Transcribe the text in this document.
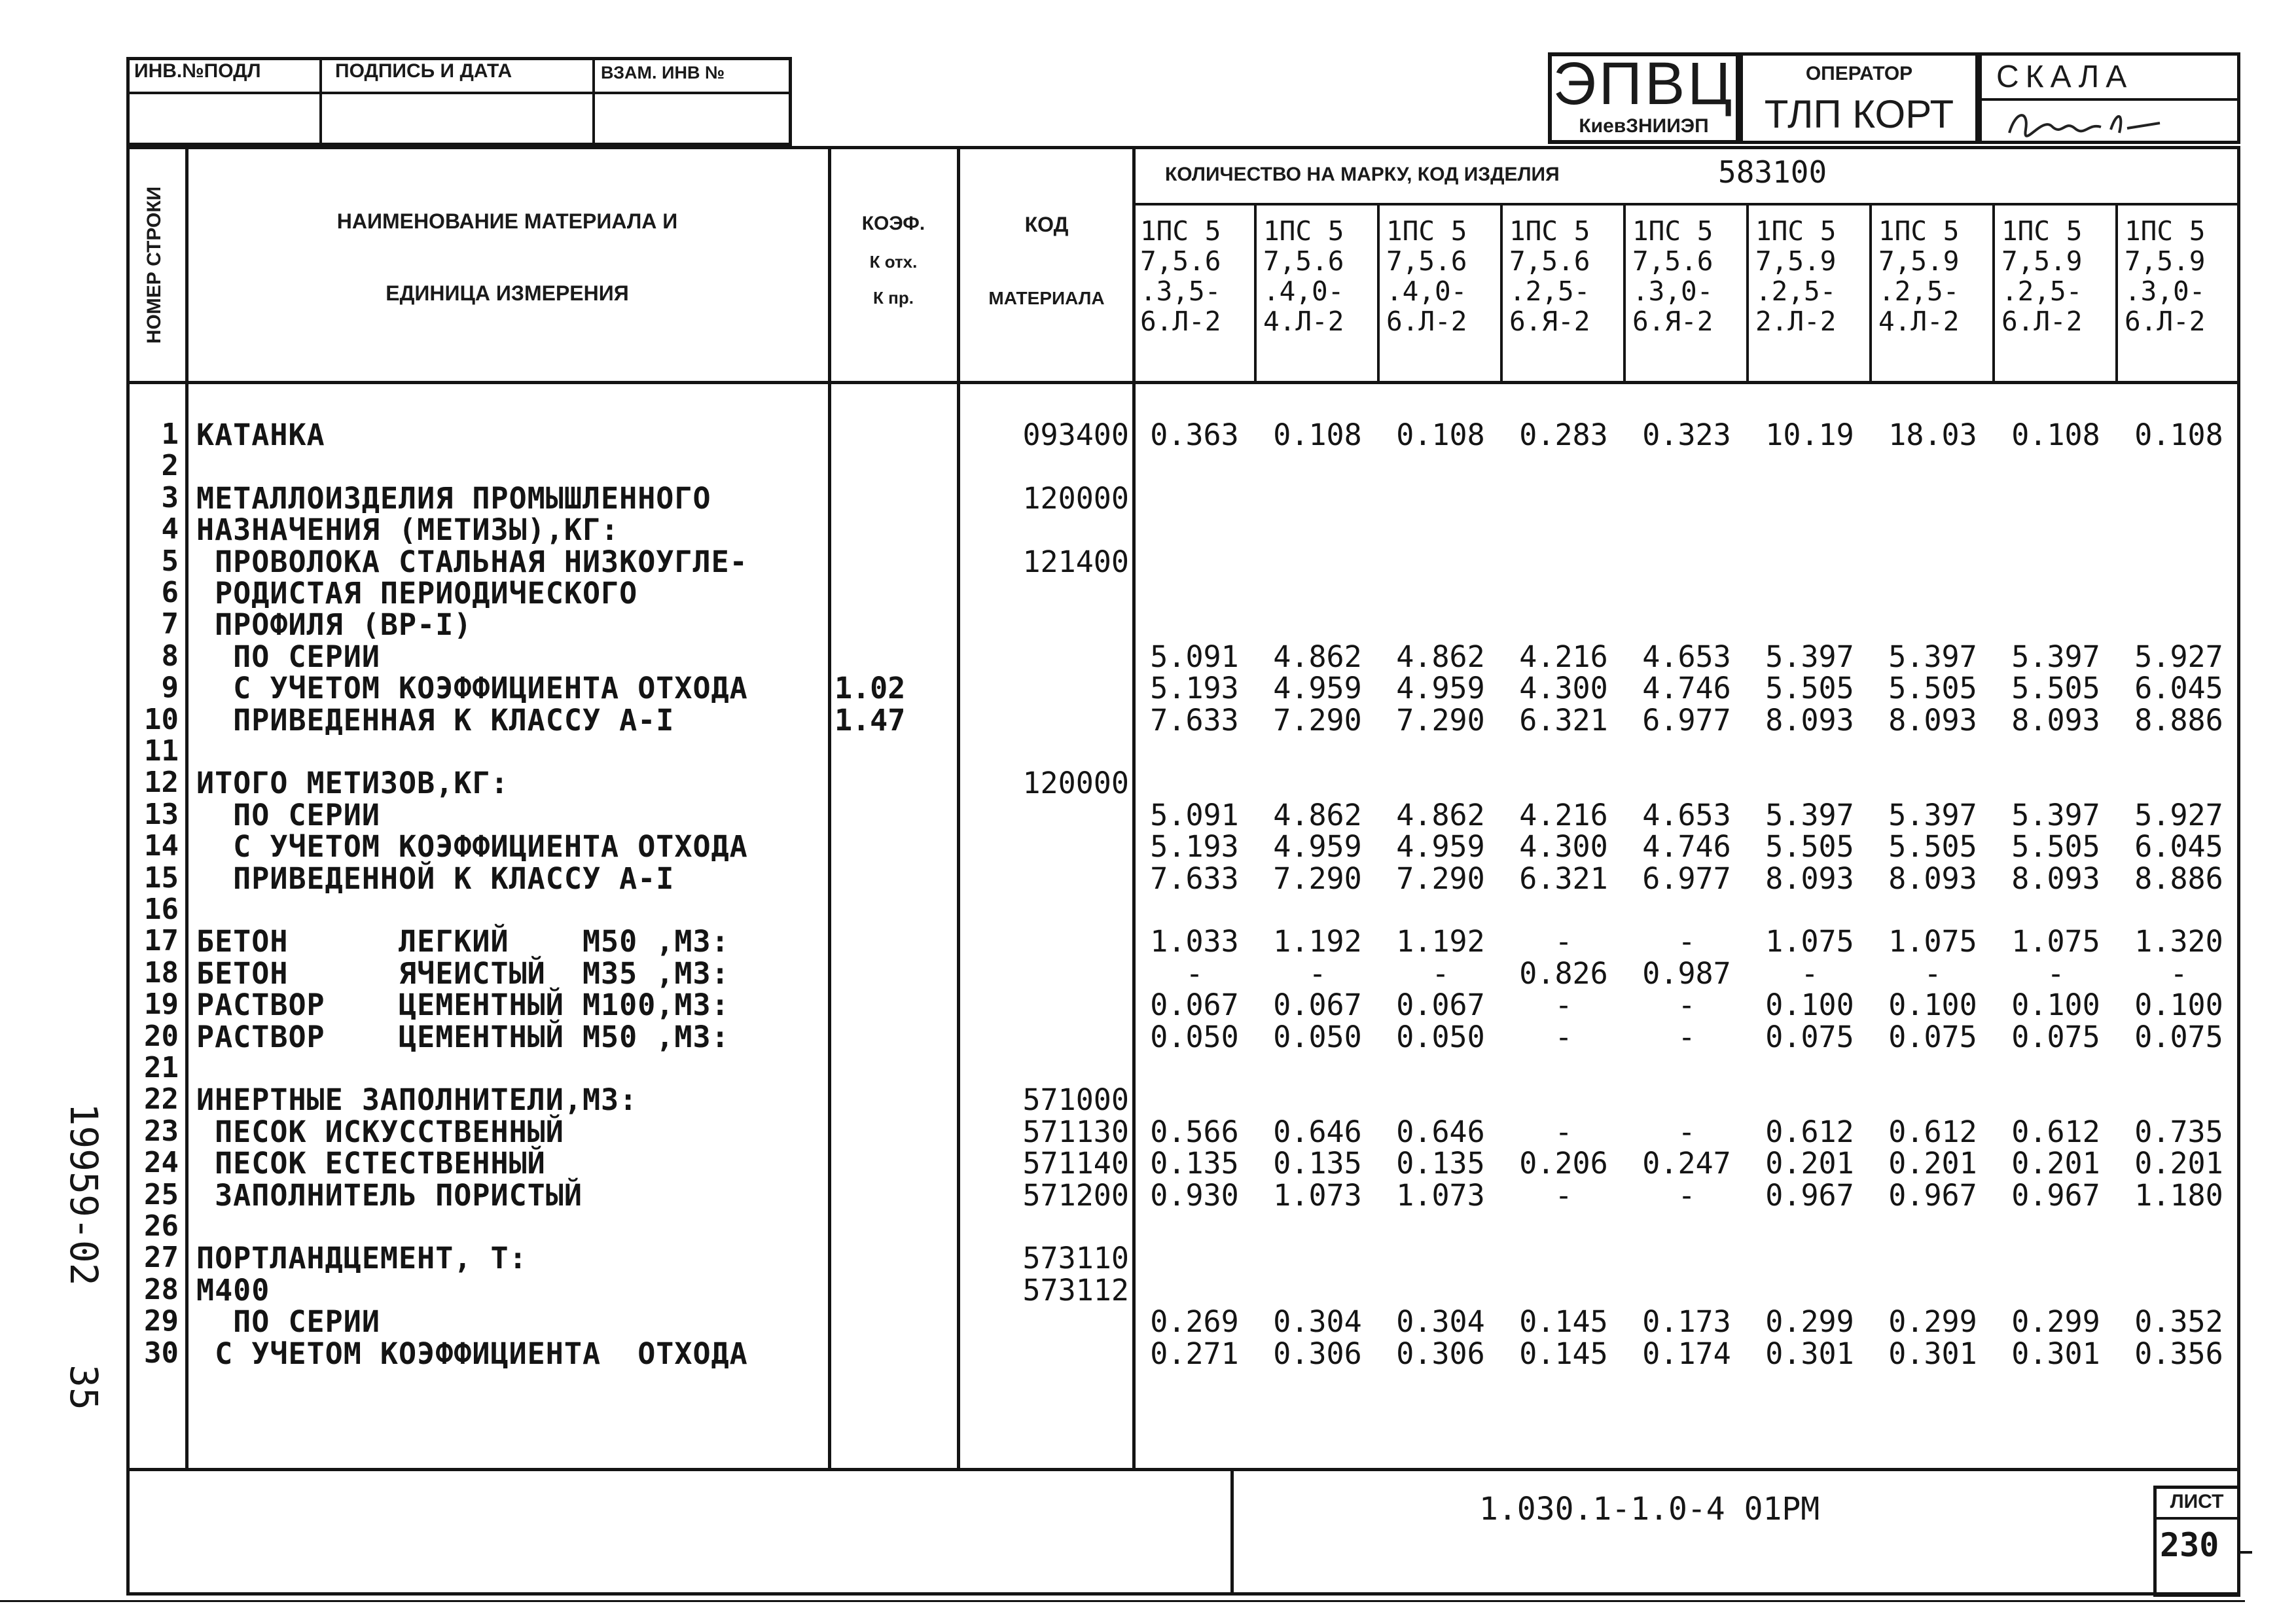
ИНВ.№ПОДЛ	ПОДПИСЬ И ДАТА	ВЗАМ. ИНВ №	ЭПВЦ
КиевЗНИИЭП
ОПЕРАТОР
ТЛП КОРТ
СКАЛА
НОМЕР СТРОКИ	НАИМЕНОВАНИЕ МАТЕРИАЛА И
ЕДИНИЦА ИЗМЕРЕНИЯ
КОЭФ.
К отх.
К пр.
КОД
МАТЕРИАЛА
КОЛИЧЕСТВО НА МАРКУ, КОД ИЗДЕЛИЯ	583100
1ПС 5
7,5.6
.3,5-
6.Л-2
1ПС 5
7,5.6
.4,0-
4.Л-2
1ПС 5
7,5.6
.4,0-
6.Л-2
1ПС 5
7,5.6
.2,5-
6.Я-2
1ПС 5
7,5.6
.3,0-
6.Я-2
1ПС 5
7,5.9
.2,5-
2.Л-2
1ПС 5
7,5.9
.2,5-
4.Л-2
1ПС 5
7,5.9
.2,5-
6.Л-2
1ПС 5
7,5.9
.3,0-
6.Л-2
1 КАТАНКА	093400 0.363	0.108	0.108	0.283	0.323	10.19	18.03	0.108	0.108
2
3 МЕТАЛЛОИЗДЕЛИЯ ПРОМЫШЛЕННОГО	120000
4 НАЗНАЧЕНИЯ (МЕТИЗЫ),КГ:
5 ПРОВОЛОКА СТАЛЬНАЯ НИЗКОУГЛЕ-	121400
6 РОДИСТАЯ ПЕРИОДИЧЕСКОГО
7 ПРОФИЛЯ (ВР-I)
8 ПО СЕРИИ	5.091	4.862	4.862	4.216	4.653	5.397	5.397	5.397	5.927
9 С УЧЕТОМ КОЭФФИЦИЕНТА ОТХОДА	1.02	5.193	4.959	4.959	4.300	4.746	5.505	5.505	5.505	6.045
10 ПРИВЕДЕННАЯ К КЛАССУ А-I	1.47	7.633	7.290	7.290	6.321	6.977	8.093	8.093	8.093	8.886
11
12 ИТОГО МЕТИЗОВ,КГ:	120000
13 ПО СЕРИИ	5.091	4.862	4.862	4.216	4.653	5.397	5.397	5.397	5.927
14 С УЧЕТОМ КОЭФФИЦИЕНТА ОТХОДА	5.193	4.959	4.959	4.300	4.746	5.505	5.505	5.505	6.045
15 ПРИВЕДЕННОЙ К КЛАССУ А-I	7.633	7.290	7.290	6.321	6.977	8.093	8.093	8.093	8.886
16
17 БЕТОН      ЛЕГКИЙ    М50 ,М3:	1.033	1.192	1.192	-	-	1.075	1.075	1.075	1.320
18 БЕТОН      ЯЧЕИСТЫЙ  М35 ,М3:	-	-	-	0.826	0.987	-	-	-	-
19 РАСТВОР    ЦЕМЕНТНЫЙ М100,М3:	0.067	0.067	0.067	-	-	0.100	0.100	0.100	0.100
20 РАСТВОР    ЦЕМЕНТНЫЙ М50 ,М3:	0.050	0.050	0.050	-	-	0.075	0.075	0.075	0.075
21
22 ИНЕРТНЫЕ ЗАПОЛНИТЕЛИ,М3:	571000
23 ПЕСОК ИСКУССТВЕННЫЙ	571130 0.566	0.646	0.646	-	-	0.612	0.612	0.612	0.735
24 ПЕСОК ЕСТЕСТВЕННЫЙ	571140 0.135	0.135	0.135	0.206	0.247	0.201	0.201	0.201	0.201
25 ЗАПОЛНИТЕЛЬ ПОРИСТЫЙ	571200 0.930	1.073	1.073	-	-	0.967	0.967	0.967	1.180
26
27 ПОРТЛАНДЦЕМЕНТ, Т:	573110
28 М400	573112
29 ПО СЕРИИ	0.269	0.304	0.304	0.145	0.173	0.299	0.299	0.299	0.352
30 С УЧЕТОМ КОЭФФИЦИЕНТА  ОТХОДА	0.271	0.306	0.306	0.145	0.174	0.301	0.301	0.301	0.356
1.030.1-1.0-4 01РМ	ЛИСТ
230
19959-02
35
